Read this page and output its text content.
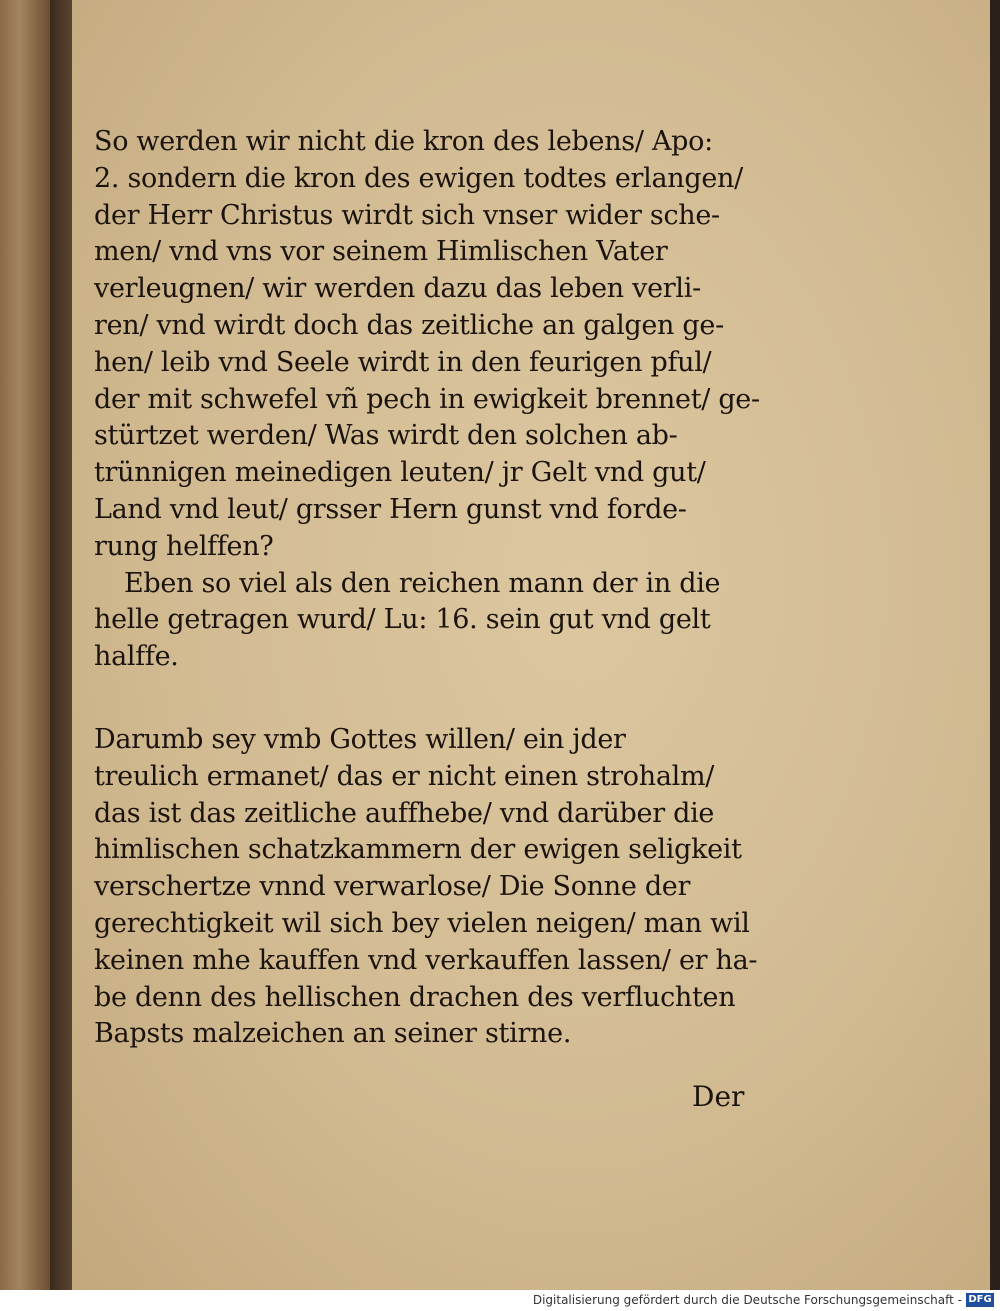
So werden wir nicht die kron des lebens/ Apo:
2. sondern die kron des ewigen todtes erlangen/
der Herr Christus wirdt sich vnser wider sche-
men/ vnd vns vor seinem Himlischen Vater
verleugnen/ wir werden dazu das leben verli-
ren/ vnd wirdt doch das zeitliche an galgen ge-
hen/ leib vnd Seele wirdt in den feurigen pful/
der mit schwefel vñ pech in ewigkeit brennet/ ge-
stürtzet werden/ Was wirdt den solchen ab-
trünnigen meinedigen leuten/ jr Gelt vnd gut/
Land vnd leut/ grsser Hern gunst vnd forde-
rung helffen?
Eben so viel als den reichen mann der in die
helle getragen wurd/ Lu: 16. sein gut vnd gelt
halffe.
Darumb sey vmb Gottes willen/ ein jder
treulich ermanet/ das er nicht einen strohalm/
das ist das zeitliche auffhebe/ vnd darüber die
himlischen schatzkammern der ewigen seligkeit
verschertze vnnd verwarlose/ Die Sonne der
gerechtigkeit wil sich bey vielen neigen/ man wil
keinen mhe kauffen vnd verkauffen lassen/ er ha-
be denn des hellischen drachen des verfluchten
Bapsts malzeichen an seiner stirne.
Der
Digitalisierung gefördert durch die Deutsche Forschungsgemeinschaft - DFG
